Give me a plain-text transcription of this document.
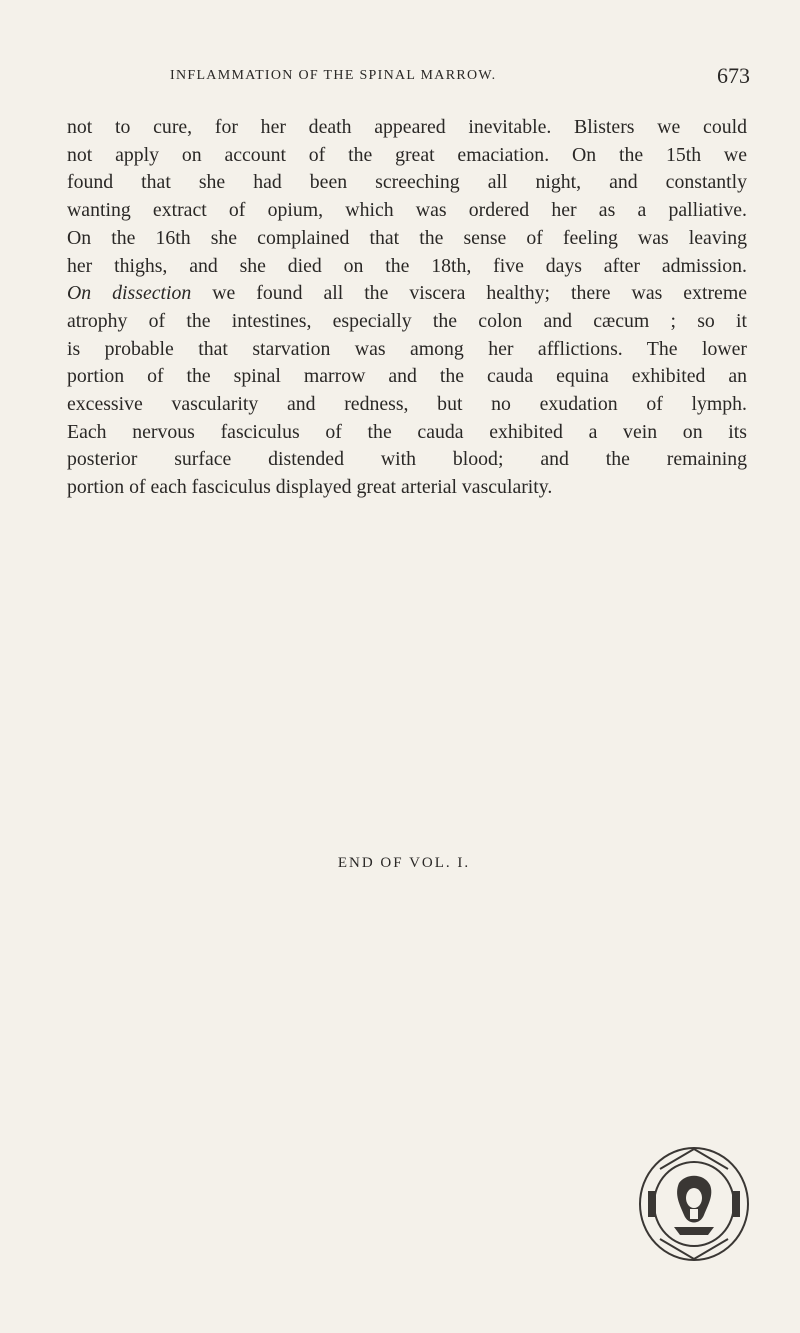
INFLAMMATION OF THE SPINAL MARROW.	673
not to cure, for her death appeared inevitable. Blisters we could
not apply on account of the great emaciation. On the 15th we
found that she had been screeching all night, and constantly
wanting extract of opium, which was ordered her as a palliative.
On the 16th she complained that the sense of feeling was leaving
her thighs, and she died on the 18th, five days after admission.
On dissection we found all the viscera healthy; there was extreme
atrophy of the intestines, especially the colon and cæcum ; so it
is probable that starvation was among her afflictions. The lower
portion of the spinal marrow and the cauda equina exhibited an
excessive vascularity and redness, but no exudation of lymph.
Each nervous fasciculus of the cauda exhibited a vein on its
posterior surface distended with blood; and the remaining
portion of each fasciculus displayed great arterial vascularity.
END OF VOL. I.
